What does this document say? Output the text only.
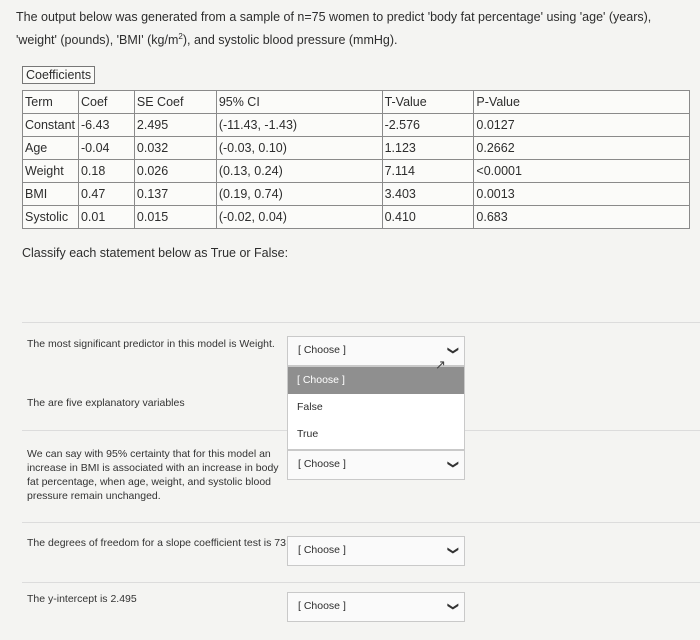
The output below was generated from a sample of n=75 women to predict 'body fat percentage' using 'age' (years),
'weight' (pounds), 'BMI' $(kg/m^2)$, and systolic blood pressure (mmHg).
Coefficients
Term	Coef	SE Coef	95% CI	T-Value	P-Value
Constant	-6.43	2.495	(-11.43, -1.43)	-2.576	0.0127
Age	-0.04	0.032	(-0.03, 0.10)	1.123	0.2662
Weight	0.18	0.026	(0.13, 0.24)	7.114	<0.0001
BMI	0.47	0.137	(0.19, 0.74)	3.403	0.0013
Systolic	0.01	0.015	(-0.02, 0.04)	0.410	0.683
Classify each statement below as True or False:
The most significant predictor in this model is Weight.	[ Choose ]	❯
The are five explanatory variables
[ Choose ]
False
True
We can say with 95% certainty that for this model an increase in BMI is associated with an increase in body fat percentage, when age, weight, and systolic blood pressure remain unchanged.
[ Choose ]	❯
The degrees of freedom for a slope coefficient test is 73
[ Choose ]	❯
The y-intercept is 2.495
[ Choose ]	❯
↗
